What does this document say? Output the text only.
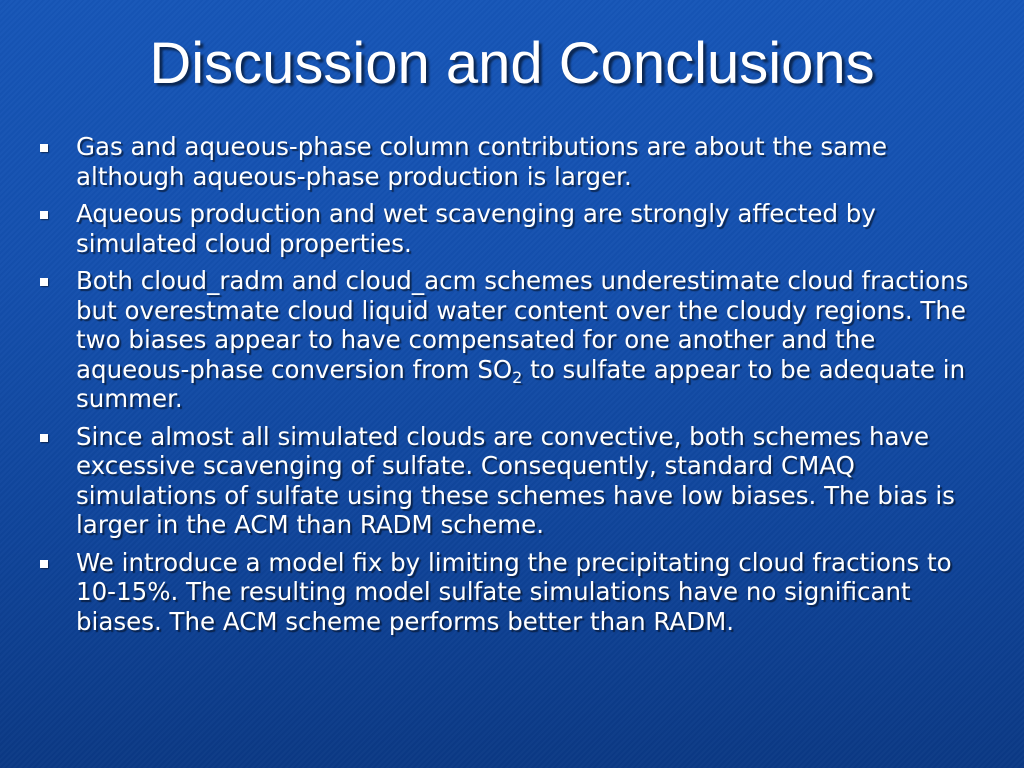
Discussion and Conclusions
Gas and aqueous-phase column contributions are about the same although aqueous-phase production is larger.
Aqueous production and wet scavenging are strongly affected by simulated cloud properties.
Both cloud_radm and cloud_acm schemes underestimate cloud fractions but overestmate cloud liquid water content over the cloudy regions. The two biases appear to have compensated for one another and the aqueous-phase conversion from $SO_2$ to sulfate appear to be adequate in summer.
Since almost all simulated clouds are convective, both schemes have excessive scavenging of sulfate. Consequently, standard CMAQ simulations of sulfate using these schemes have low biases. The bias is larger in the ACM than RADM scheme.
We introduce a model fix by limiting the precipitating cloud fractions to 10-15%. The resulting model sulfate simulations have no significant biases. The ACM scheme performs better than RADM.
